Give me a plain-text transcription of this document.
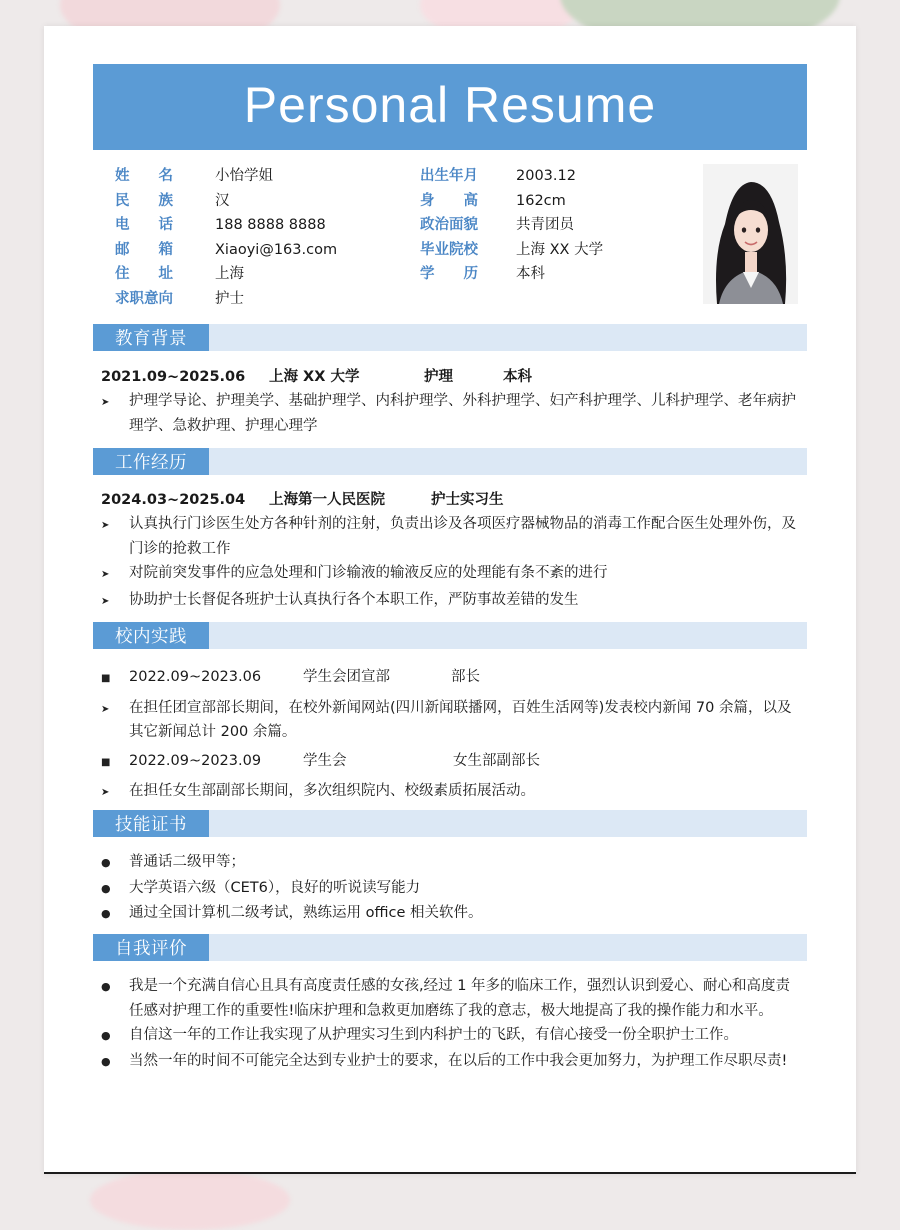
Personal Resume
姓 名	小怡学姐
民 族	汉
电 话	188 8888 8888
邮 箱	Xiaoyi@163.com
住 址	上海
求职意向	护士
出生年月	2003.12
身 高	162cm
政治面貌	共青团员
毕业院校	上海 XX 大学
学 历	本科
教育背景
2021.09~2025.06	上海 XX 大学	护理	本科
➤
护理学导论、护理美学、基础护理学、内科护理学、外科护理学、妇产科护理学、儿科护理学、老年病护理学、急救护理、护理心理学
工作经历
2024.03~2025.04	上海第一人民医院	护士实习生
➤
认真执行门诊医生处方各种针剂的注射，负责出诊及各项医疗器械物品的消毒工作配合医生处理外伤，及门诊的抢救工作
➤
对院前突发事件的应急处理和门诊输液的输液反应的处理能有条不紊的进行
➤
协助护士长督促各班护士认真执行各个本职工作，严防事故差错的发生
校内实践
■
2022.09~2023.06	学生会团宣部	部长
➤
在担任团宣部部长期间，在校外新闻网站(四川新闻联播网，百姓生活网等)发表校内新闻 70 余篇，以及其它新闻总计 200 余篇。
■
2022.09~2023.09	学生会	女生部副部长
➤
在担任女生部副部长期间，多次组织院内、校级素质拓展活动。
技能证书
●
普通话二级甲等；
●
大学英语六级（CET6），良好的听说读写能力
●
通过全国计算机二级考试，熟练运用 office 相关软件。
自我评价
●
我是一个充满自信心且具有高度责任感的女孩,经过 1 年多的临床工作，强烈认识到爱心、耐心和高度责任感对护理工作的重要性!临床护理和急救更加磨练了我的意志，极大地提高了我的操作能力和水平。
●
自信这一年的工作让我实现了从护理实习生到内科护士的飞跃，有信心接受一份全职护士工作。
●
当然一年的时间不可能完全达到专业护士的要求，在以后的工作中我会更加努力，为护理工作尽职尽责!
